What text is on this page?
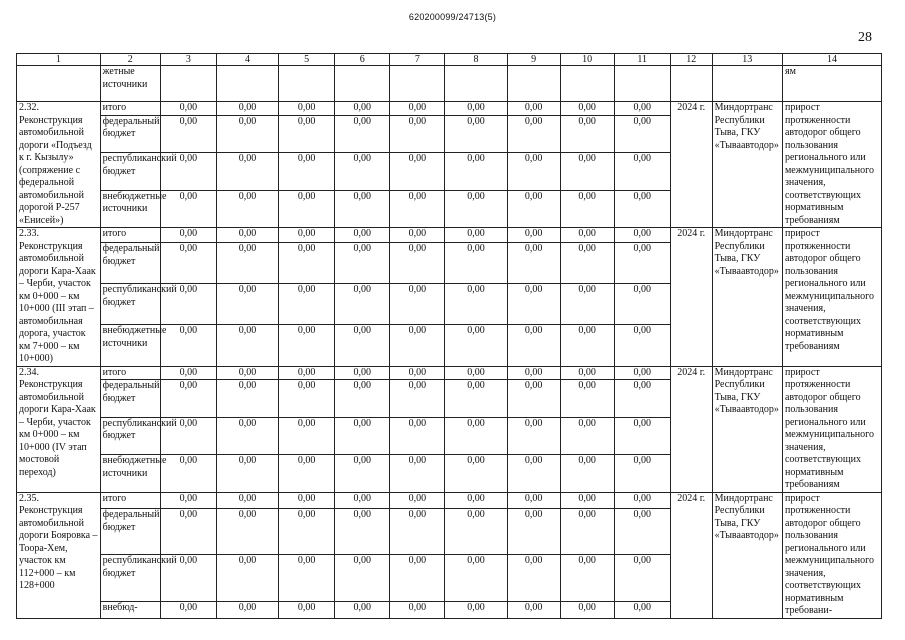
620200099/24713(5)
28
1	2	3	4	5	6	7	8	9	10	11	12	13	14
	жетные источники												ям
2.32. Реконструкция автомобильной дороги «Подъезд к г. Кызылу» (сопряжение с федеральной автомобильной дорогой Р-257 «Енисей»)	итого	0,00	0,00	0,00	0,00	0,00	0,00	0,00	0,00	0,00	2024 г.	Миндортранс Республики Тыва, ГКУ «Тываавтодор»	прирост протяженности автодорог общего пользования регионального или межмуниципального значения, соответствующих нормативным требованиям
	федеральный бюджет	0,00	0,00	0,00	0,00	0,00	0,00	0,00	0,00	0,00			
	республиканский бюджет	0,00	0,00	0,00	0,00	0,00	0,00	0,00	0,00	0,00			
	внебюджетные источники	0,00	0,00	0,00	0,00	0,00	0,00	0,00	0,00	0,00			
2.33. Реконструкция автомобильной дороги Кара-Хаак – Черби, участок км 0+000 – км 10+000 (III этап – автомобильная дорога, участок км 7+000 – км 10+000)	итого	0,00	0,00	0,00	0,00	0,00	0,00	0,00	0,00	0,00	2024 г.	Миндортранс Республики Тыва, ГКУ «Тываавтодор»	прирост протяженности автодорог общего пользования регионального или межмуниципального значения, соответствующих нормативным требованиям
	федеральный бюджет	0,00	0,00	0,00	0,00	0,00	0,00	0,00	0,00	0,00			
	республиканский бюджет	0,00	0,00	0,00	0,00	0,00	0,00	0,00	0,00	0,00			
	внебюджетные источники	0,00	0,00	0,00	0,00	0,00	0,00	0,00	0,00	0,00			
2.34. Реконструкция автомобильной дороги Кара-Хаак – Черби, участок км 0+000 – км 10+000 (IV этап мостовой переход)	итого	0,00	0,00	0,00	0,00	0,00	0,00	0,00	0,00	0,00	2024 г.	Миндортранс Республики Тыва, ГКУ «Тываавтодор»	прирост протяженности автодорог общего пользования регионального или межмуниципального значения, соответствующих нормативным требованиям
	федеральный бюджет	0,00	0,00	0,00	0,00	0,00	0,00	0,00	0,00	0,00			
	республиканский бюджет	0,00	0,00	0,00	0,00	0,00	0,00	0,00	0,00	0,00			
	внебюджетные источники	0,00	0,00	0,00	0,00	0,00	0,00	0,00	0,00	0,00			
2.35. Реконструкция автомобильной дороги Бояровка – Тоора-Хем, участок км 112+000 – км 128+000	итого	0,00	0,00	0,00	0,00	0,00	0,00	0,00	0,00	0,00	2024 г.	Миндортранс Республики Тыва, ГКУ «Тываавтодор»	прирост протяженности автодорог общего пользования регионального или межмуниципального значения, соответствующих нормативным требовани-
	федеральный бюджет	0,00	0,00	0,00	0,00	0,00	0,00	0,00	0,00	0,00			
	республиканский бюджет	0,00	0,00	0,00	0,00	0,00	0,00	0,00	0,00	0,00			
	внебюд-	0,00	0,00	0,00	0,00	0,00	0,00	0,00	0,00	0,00			
